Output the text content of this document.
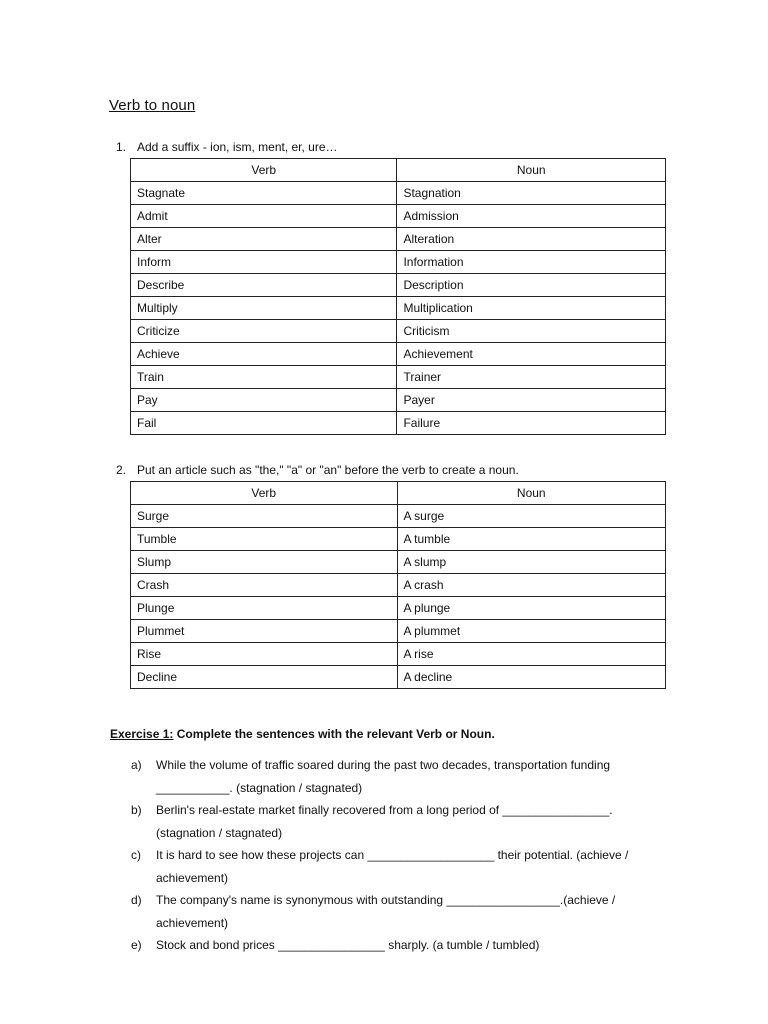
Verb to noun
1. Add a suffix - ion, ism, ment, er, ure…
Verb	Noun
Stagnate	Stagnation
Admit	Admission
Alter	Alteration
Inform	Information
Describe	Description
Multiply	Multiplication
Criticize	Criticism
Achieve	Achievement
Train	Trainer
Pay	Payer
Fail	Failure
2. Put an article such as "the," "a" or "an" before the verb to create a noun.
Verb	Noun
Surge	A surge
Tumble	A tumble
Slump	A slump
Crash	A crash
Plunge	A plunge
Plummet	A plummet
Rise	A rise
Decline	A decline
Exercise 1: Complete the sentences with the relevant Verb or Noun.
a) While the volume of traffic soared during the past two decades, transportation funding
___________. (stagnation / stagnated)
b) Berlin's real-estate market finally recovered from a long period of ________________.
(stagnation / stagnated)
c) It is hard to see how these projects can ___________________ their potential. (achieve /
achievement)
d) The company's name is synonymous with outstanding _________________.(achieve /
achievement)
e) Stock and bond prices ________________ sharply. (a tumble / tumbled)
